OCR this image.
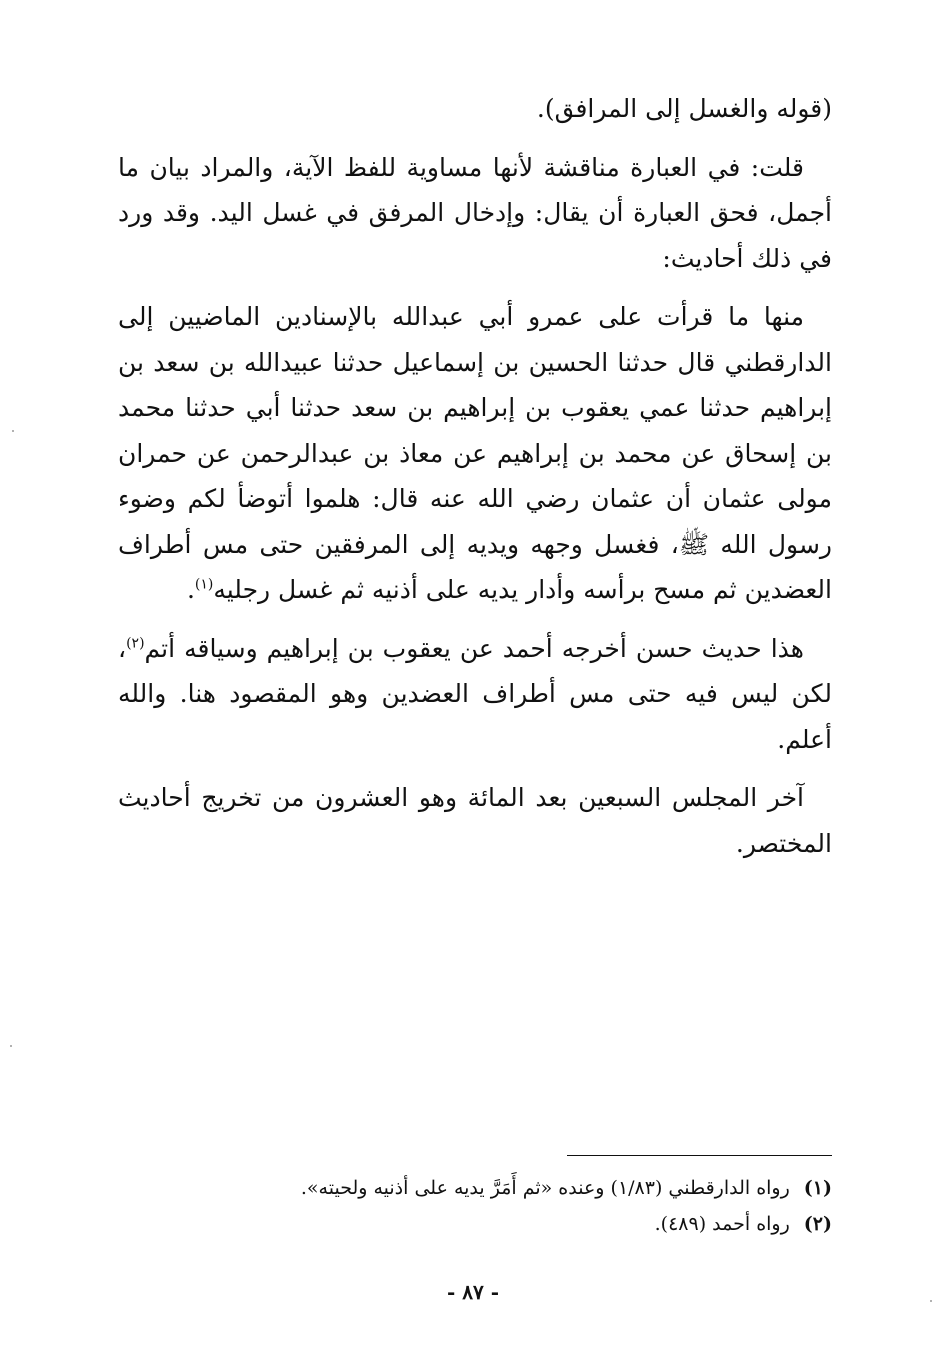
(قوله والغسل إلى المرافق).

قلت: في العبارة مناقشة لأنها مساوية للفظ الآية، والمراد بيان ما أجمل، فحق العبارة أن يقال: وإدخال المرفق في غسل اليد. وقد ورد في ذلك أحاديث:

منها ما قرأت على عمرو أبي عبدالله بالإسنادين الماضيين إلى الدارقطني قال حدثنا الحسين بن إسماعيل حدثنا عبيدالله بن سعد بن إبراهيم حدثنا عمي يعقوب بن إبراهيم بن سعد حدثنا أبي حدثنا محمد بن إسحاق عن محمد بن إبراهيم عن معاذ بن عبدالرحمن عن حمران مولى عثمان أن عثمان رضي الله عنه قال: هلموا أتوضأ لكم وضوء رسول الله ﷺ، فغسل وجهه ويديه إلى المرفقين حتى مس أطراف العضدين ثم مسح برأسه وأدار يديه على أذنيه ثم غسل رجليه$^{(١)}$.

هذا حديث حسن أخرجه أحمد عن يعقوب بن إبراهيم وسياقه أتم$^{(٢)}$، لكن ليس فيه حتى مس أطراف العضدين وهو المقصود هنا. والله أعلم.

آخر المجلس السبعين بعد المائة وهو العشرون من تخريج أحاديث المختصر.

(١)رواه الدارقطني (١/٨٣) وعنده «ثم أَمَرَّ يديه على أذنيه ولحيته».

(٢)رواه أحمد (٤٨٩).

- ٨٧ -
